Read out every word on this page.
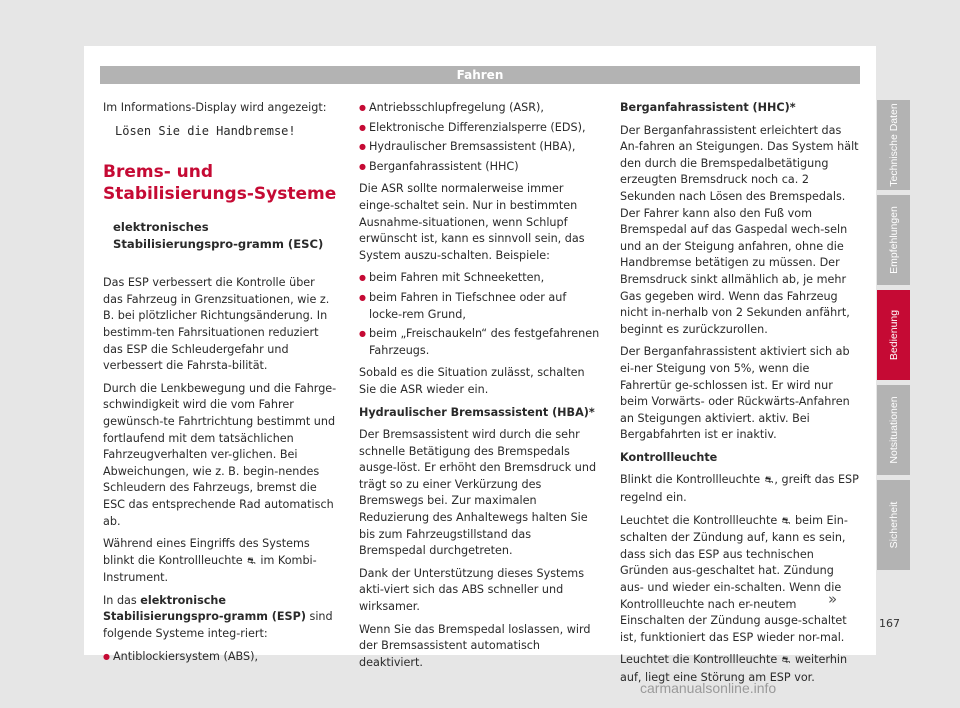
Fahren

Im Informations-Display wird angezeigt:

Lösen Sie die Handbremse!
Brems- und Stabilisierungs-Systeme
elektronisches Stabilisierungspro-gramm (ESC)

Das ESP verbessert die Kontrolle über das Fahrzeug in Grenzsituationen, wie z. B. bei plötzlicher Richtungsänderung. In bestimm-ten Fahrsituationen reduziert das ESP die Schleudergefahr und verbessert die Fahrsta-bilität.

Durch die Lenkbewegung und die Fahrge-schwindigkeit wird die vom Fahrer gewünsch-te Fahrtrichtung bestimmt und fortlaufend mit dem tatsächlichen Fahrzeugverhalten ver-glichen. Bei Abweichungen, wie z. B. begin-nendes Schleudern des Fahrzeugs, bremst die ESC das entsprechende Rad automatisch ab.

Während eines Eingriffs des Systems blinkt die Kontrollleuchte ⛐ im Kombi-Instrument.

In das elektronische Stabilisierungspro-gramm (ESP) sind folgende Systeme integ-riert:

● Antiblockiersystem (ABS),
● Antriebsschlupfregelung (ASR),
● Elektronische Differenzialsperre (EDS),
● Hydraulischer Bremsassistent (HBA),
● Berganfahrassistent (HHC)

Die ASR sollte normalerweise immer einge-schaltet sein. Nur in bestimmten Ausnahme-situationen, wenn Schlupf erwünscht ist, kann es sinnvoll sein, das System auszu-schalten. Beispiele:

● beim Fahren mit Schneeketten,
● beim Fahren in Tiefschnee oder auf locke-rem Grund,
● beim „Freischaukeln“ des festgefahrenen Fahrzeugs.

Sobald es die Situation zulässt, schalten Sie die ASR wieder ein.

Hydraulischer Bremsassistent (HBA)*

Der Bremsassistent wird durch die sehr schnelle Betätigung des Bremspedals ausge-löst. Er erhöht den Bremsdruck und trägt so zu einer Verkürzung des Bremswegs bei. Zur maximalen Reduzierung des Anhaltewegs halten Sie bis zum Fahrzeugstillstand das Bremspedal durchgetreten.

Dank der Unterstützung dieses Systems akti-viert sich das ABS schneller und wirksamer.

Wenn Sie das Bremspedal loslassen, wird der Bremsassistent automatisch deaktiviert.

Berganfahrassistent (HHC)*

Der Berganfahrassistent erleichtert das An-fahren an Steigungen. Das System hält den durch die Bremspedalbetätigung erzeugten Bremsdruck noch ca. 2 Sekunden nach Lösen des Bremspedals. Der Fahrer kann also den Fuß vom Bremspedal auf das Gaspedal wech-seln und an der Steigung anfahren, ohne die Handbremse betätigen zu müssen. Der Bremsdruck sinkt allmählich ab, je mehr Gas gegeben wird. Wenn das Fahrzeug nicht in-nerhalb von 2 Sekunden anfährt, beginnt es zurückzurollen.

Der Berganfahrassistent aktiviert sich ab ei-ner Steigung von 5%, wenn die Fahrertür ge-schlossen ist. Er wird nur beim Vorwärts- oder Rückwärts-Anfahren an Steigungen aktiviert. aktiv. Bei Bergabfahrten ist er inaktiv.

Kontrollleuchte

Blinkt die Kontrollleuchte ⛐, greift das ESP regelnd ein.

Leuchtet die Kontrollleuchte ⛐ beim Ein-schalten der Zündung auf, kann es sein, dass sich das ESP aus technischen Gründen aus-geschaltet hat. Zündung aus- und wieder ein-schalten. Wenn die Kontrollleuchte nach er-neutem Einschalten der Zündung ausge-schaltet ist, funktioniert das ESP wieder nor-mal.

Leuchtet die Kontrollleuchte ⛐ weiterhin auf, liegt eine Störung am ESP vor.

Technische Daten
Empfehlungen
Bedienung
Notsituationen
Sicherheit
»
167
carmanualsonline.info
